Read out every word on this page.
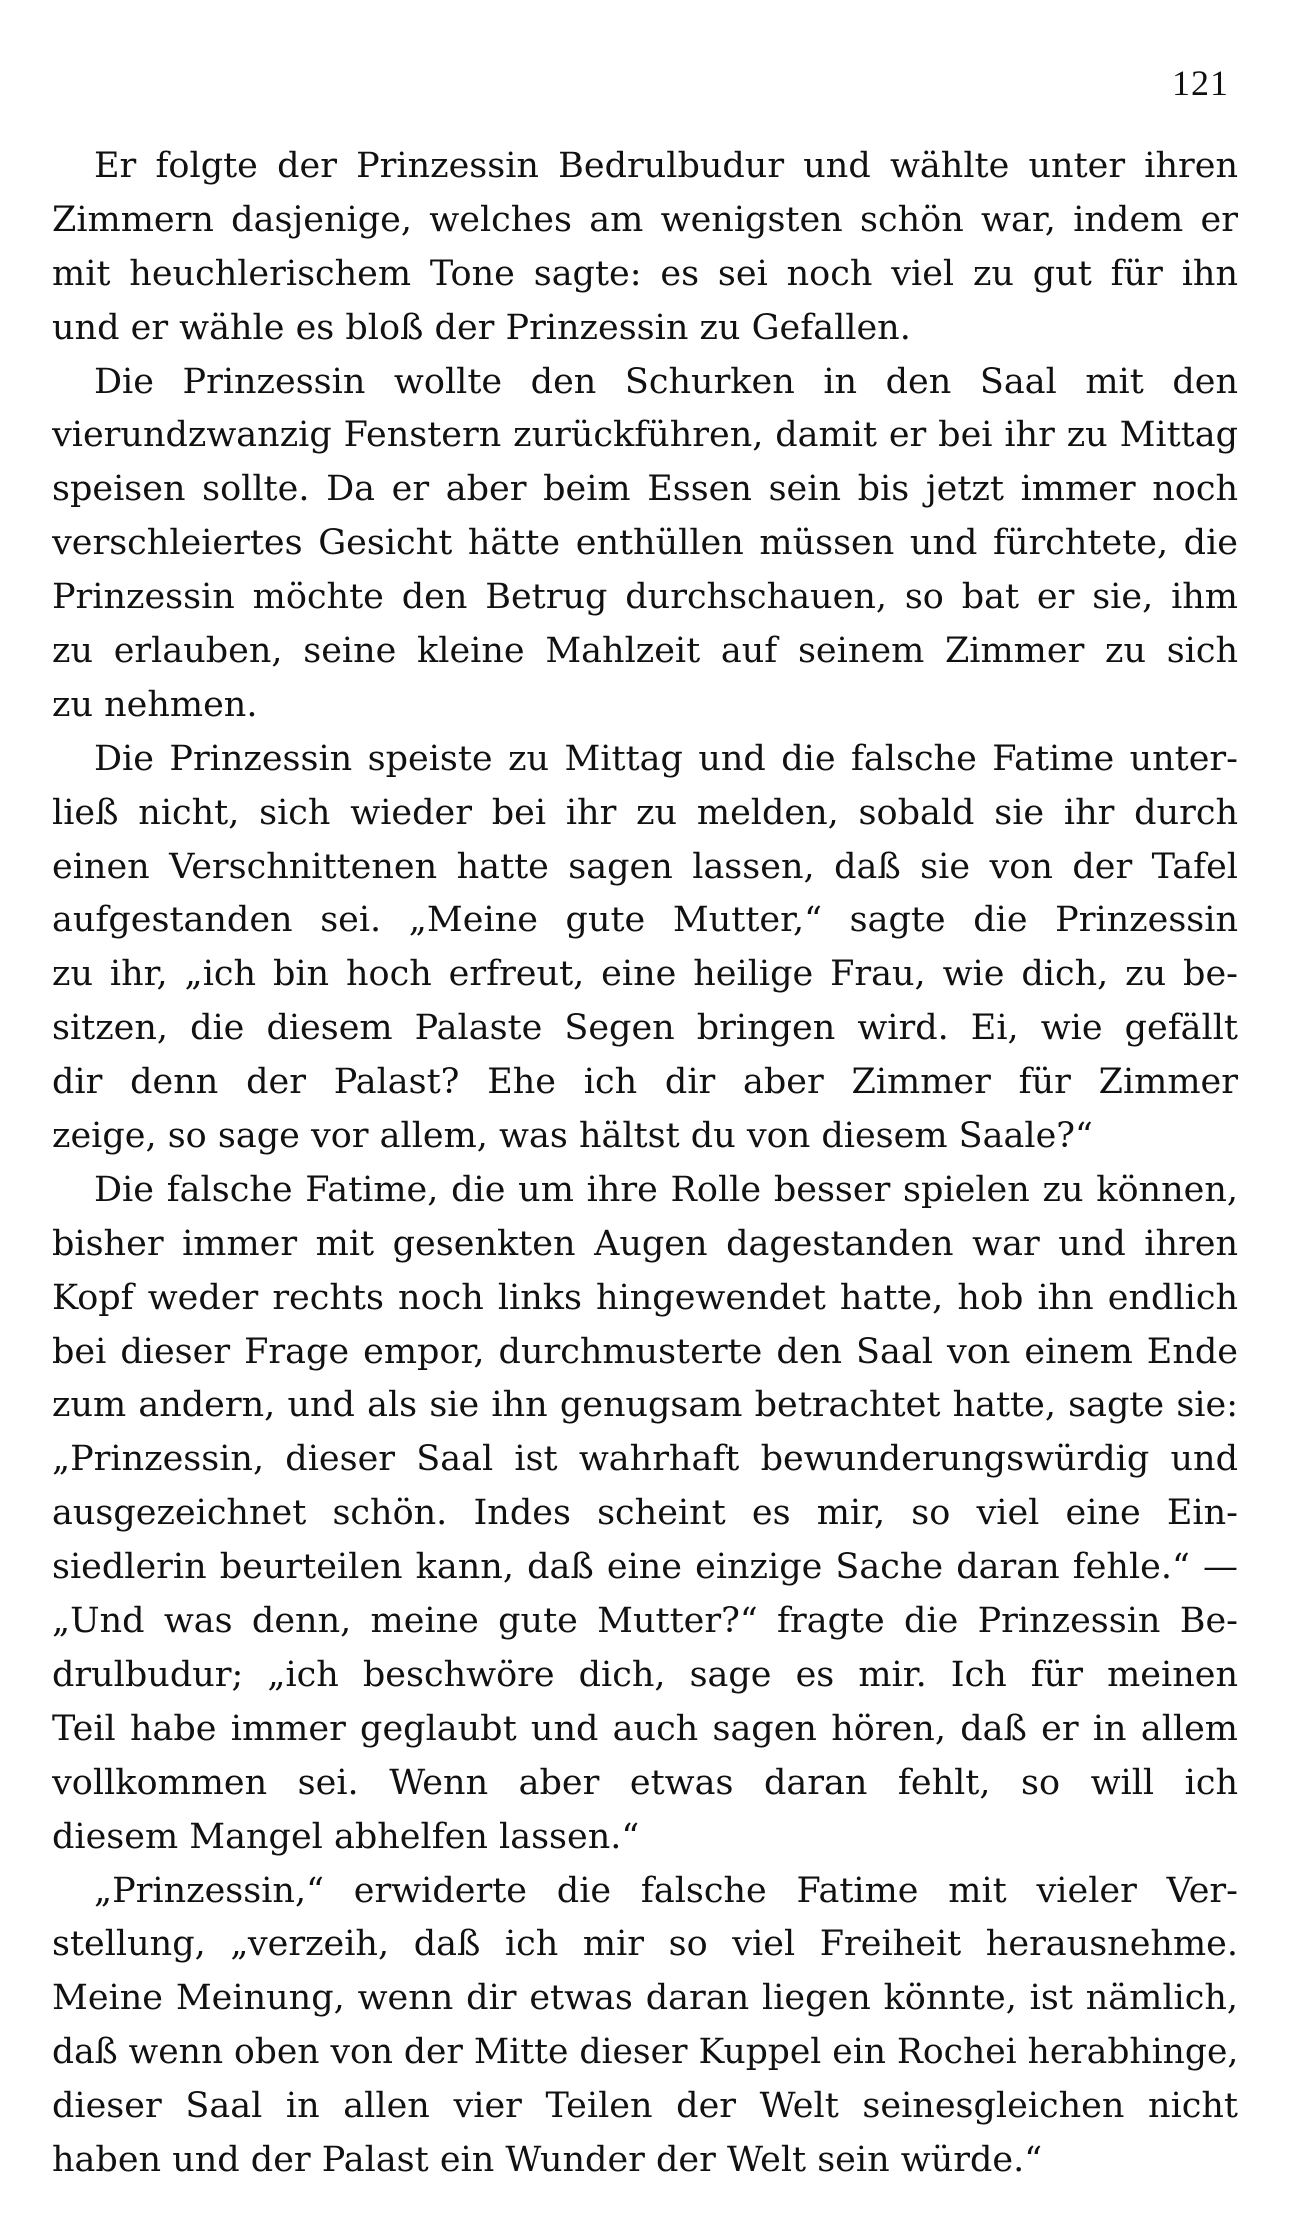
121
Er folgte der Prinzessin Bedrulbudur und wählte unter ihren
Zimmern dasjenige, welches am wenigsten schön war, indem er
mit heuchlerischem Tone sagte: es sei noch viel zu gut für ihn
und er wähle es bloß der Prinzessin zu Gefallen.
Die Prinzessin wollte den Schurken in den Saal mit den
vierundzwanzig Fenstern zurückführen, damit er bei ihr zu Mittag
speisen sollte. Da er aber beim Essen sein bis jetzt immer noch
verschleiertes Gesicht hätte enthüllen müssen und fürchtete, die
Prinzessin möchte den Betrug durchschauen, so bat er sie, ihm
zu erlauben, seine kleine Mahlzeit auf seinem Zimmer zu sich
zu nehmen.
Die Prinzessin speiste zu Mittag und die falsche Fatime unter-
ließ nicht, sich wieder bei ihr zu melden, sobald sie ihr durch
einen Verschnittenen hatte sagen lassen, daß sie von der Tafel
aufgestanden sei. „Meine gute Mutter,“ sagte die Prinzessin
zu ihr, „ich bin hoch erfreut, eine heilige Frau, wie dich, zu be-
sitzen, die diesem Palaste Segen bringen wird. Ei, wie gefällt
dir denn der Palast? Ehe ich dir aber Zimmer für Zimmer
zeige, so sage vor allem, was hältst du von diesem Saale?“
Die falsche Fatime, die um ihre Rolle besser spielen zu können,
bisher immer mit gesenkten Augen dagestanden war und ihren
Kopf weder rechts noch links hingewendet hatte, hob ihn endlich
bei dieser Frage empor, durchmusterte den Saal von einem Ende
zum andern, und als sie ihn genugsam betrachtet hatte, sagte sie:
„Prinzessin, dieser Saal ist wahrhaft bewunderungswürdig und
ausgezeichnet schön. Indes scheint es mir, so viel eine Ein-
siedlerin beurteilen kann, daß eine einzige Sache daran fehle.“ —
„Und was denn, meine gute Mutter?“ fragte die Prinzessin Be-
drulbudur; „ich beschwöre dich, sage es mir. Ich für meinen
Teil habe immer geglaubt und auch sagen hören, daß er in allem
vollkommen sei. Wenn aber etwas daran fehlt, so will ich
diesem Mangel abhelfen lassen.“
„Prinzessin,“ erwiderte die falsche Fatime mit vieler Ver-
stellung, „verzeih, daß ich mir so viel Freiheit herausnehme.
Meine Meinung, wenn dir etwas daran liegen könnte, ist nämlich,
daß wenn oben von der Mitte dieser Kuppel ein Rochei herabhinge,
dieser Saal in allen vier Teilen der Welt seinesgleichen nicht
haben und der Palast ein Wunder der Welt sein würde.“
